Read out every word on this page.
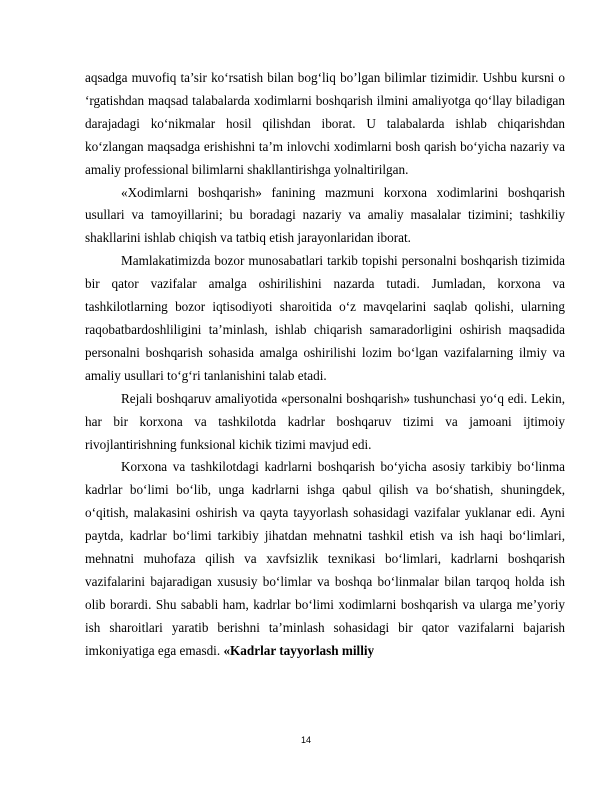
aqsadga muvofiq ta’sir ko‘rsatish bilan bog‘liq bo’lgan bilimlar tizimidir. Ushbu kursni o ‘rgatishdan maqsad talabalarda xodimlarni boshqarish ilmini amaliyotga qo‘llay biladigan darajadagi ko‘nikmalar hosil qilishdan iborat. U talabalarda ishlab chiqarishdan ko‘zlangan maqsadga erishishni ta’m inlovchi xodimlarni bosh qarish bo‘yicha nazariy va amaliy professional bilimlarni shakllantirishga yolnaltirilgan.

«Xodimlarni boshqarish» fanining mazmuni korxona xodimlarini boshqarish usullari va tamoyillarini; bu boradagi nazariy va amaliy masalalar tizimini; tashkiliy shakllarini ishlab chiqish va tatbiq etish jarayonlaridan iborat.

Mamlakatimizda bozor munosabatlari tarkib topishi personalni boshqarish tizimida bir qator vazifalar amalga oshirilishini nazarda tutadi. Jumladan, korxona va tashkilotlarning bozor iqtisodiyoti sharoitida o‘z mavqelarini saqlab qolishi, ularning raqobatbardoshliligini ta’minlash, ishlab chiqarish samaradorligini oshirish maqsadida personalni boshqarish sohasida amalga oshirilishi lozim bo‘lgan vazifalarning ilmiy va amaliy usullari to‘g‘ri tanlanishini talab etadi.

Rejali boshqaruv amaliyotida «personalni boshqarish» tushunchasi yo‘q edi. Lekin, har bir korxona va tashkilotda kadrlar boshqaruv tizimi va jamoani ijtimoiy rivojlantirishning funksional kichik tizimi mavjud edi.

Korxona va tashkilotdagi kadrlarni boshqarish bo‘yicha asosiy tarkibiy bo‘linma kadrlar bo‘limi bo‘lib, unga kadrlarni ishga qabul qilish va bo‘shatish, shuningdek, o‘qitish, malakasini oshirish va qayta tayyorlash sohasidagi vazifalar yuklanar edi. Ayni paytda, kadrlar bo‘limi tarkibiy jihatdan mehnatni tashkil etish va ish haqi bo‘limlari, mehnatni muhofaza qilish va xavfsizlik texnikasi bo‘limlari, kadrlarni boshqarish vazifalarini bajaradigan xususiy bo‘limlar va boshqa bo‘linmalar bilan tarqoq holda ish olib borardi. Shu sababli ham, kadrlar bo‘limi xodimlarni boshqarish va ularga me’yoriy ish sharoitlari yaratib berishni ta’minlash sohasidagi bir qator vazifalarni bajarish imkoniyatiga ega emasdi. «Kadrlar tayyorlash milliy

14
